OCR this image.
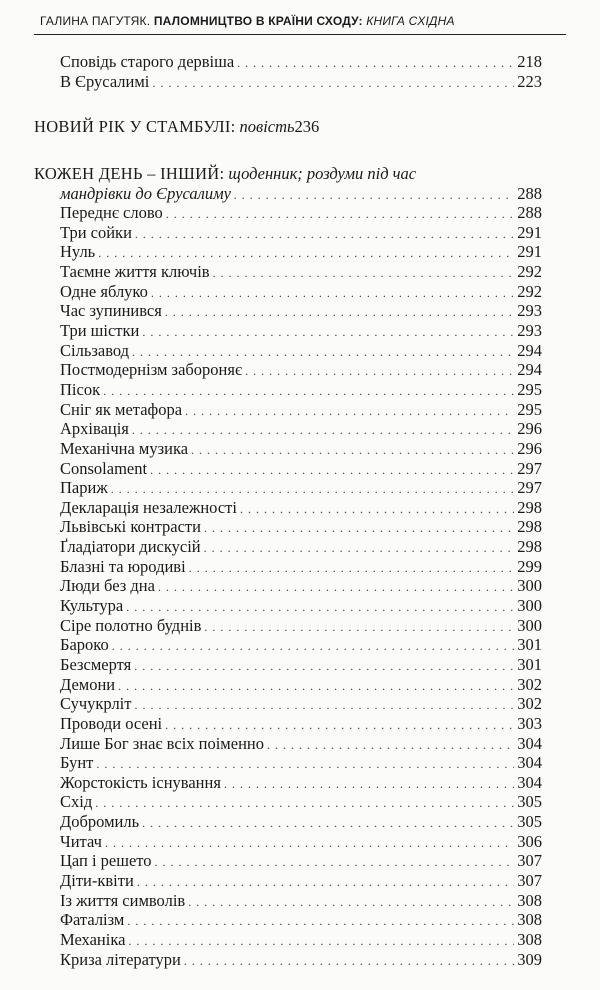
ГАЛИНА ПАГУТЯК. ПАЛОМНИЦТВО В КРАЇНИ СХОДУ: КНИГА СХІДНА
Сповідь старого дервіша . . .	218
В Єрусалимі . . .	223
НОВИЙ РІК У СТАМБУЛІ: повість 236
КОЖЕН ДЕНЬ – ІНШИЙ: щоденник; роздуми під час
мандрівки до Єрусалиму . . .	288
Переднє слово . . .	288
Три сойки . . .	291
Нуль . . .	291
Таємне життя ключів . . .	292
Одне яблуко . . .	292
Час зупинився . . .	293
Три шістки . . .	293
Сільзавод . . .	294
Постмодернізм забороняє . . .	294
Пісок . . .	295
Сніг як метафора . . .	295
Архівація . . .	296
Механічна музика . . .	296
Consolament . . .	297
Париж . . .	297
Декларація незалежності . . .	298
Львівські контрасти . . .	298
Ґладіатори дискусій . . .	298
Блазні та юродиві . . .	299
Люди без дна . . .	300
Культура . . .	300
Сіре полотно буднів . . .	300
Бароко . . .	301
Безсмертя . . .	301
Демони . . .	302
Сучукрліт . . .	302
Проводи осені . . .	303
Лише Бог знає всіх поіменно . . .	304
Бунт . . .	304
Жорстокість існування . . .	304
Схід . . .	305
Добромиль . . .	305
Читач . . .	306
Цап і решето . . .	307
Діти-квіти . . .	307
Із життя символів . . .	308
Фаталізм . . .	308
Механіка . . .	308
Криза літератури . . .	309
